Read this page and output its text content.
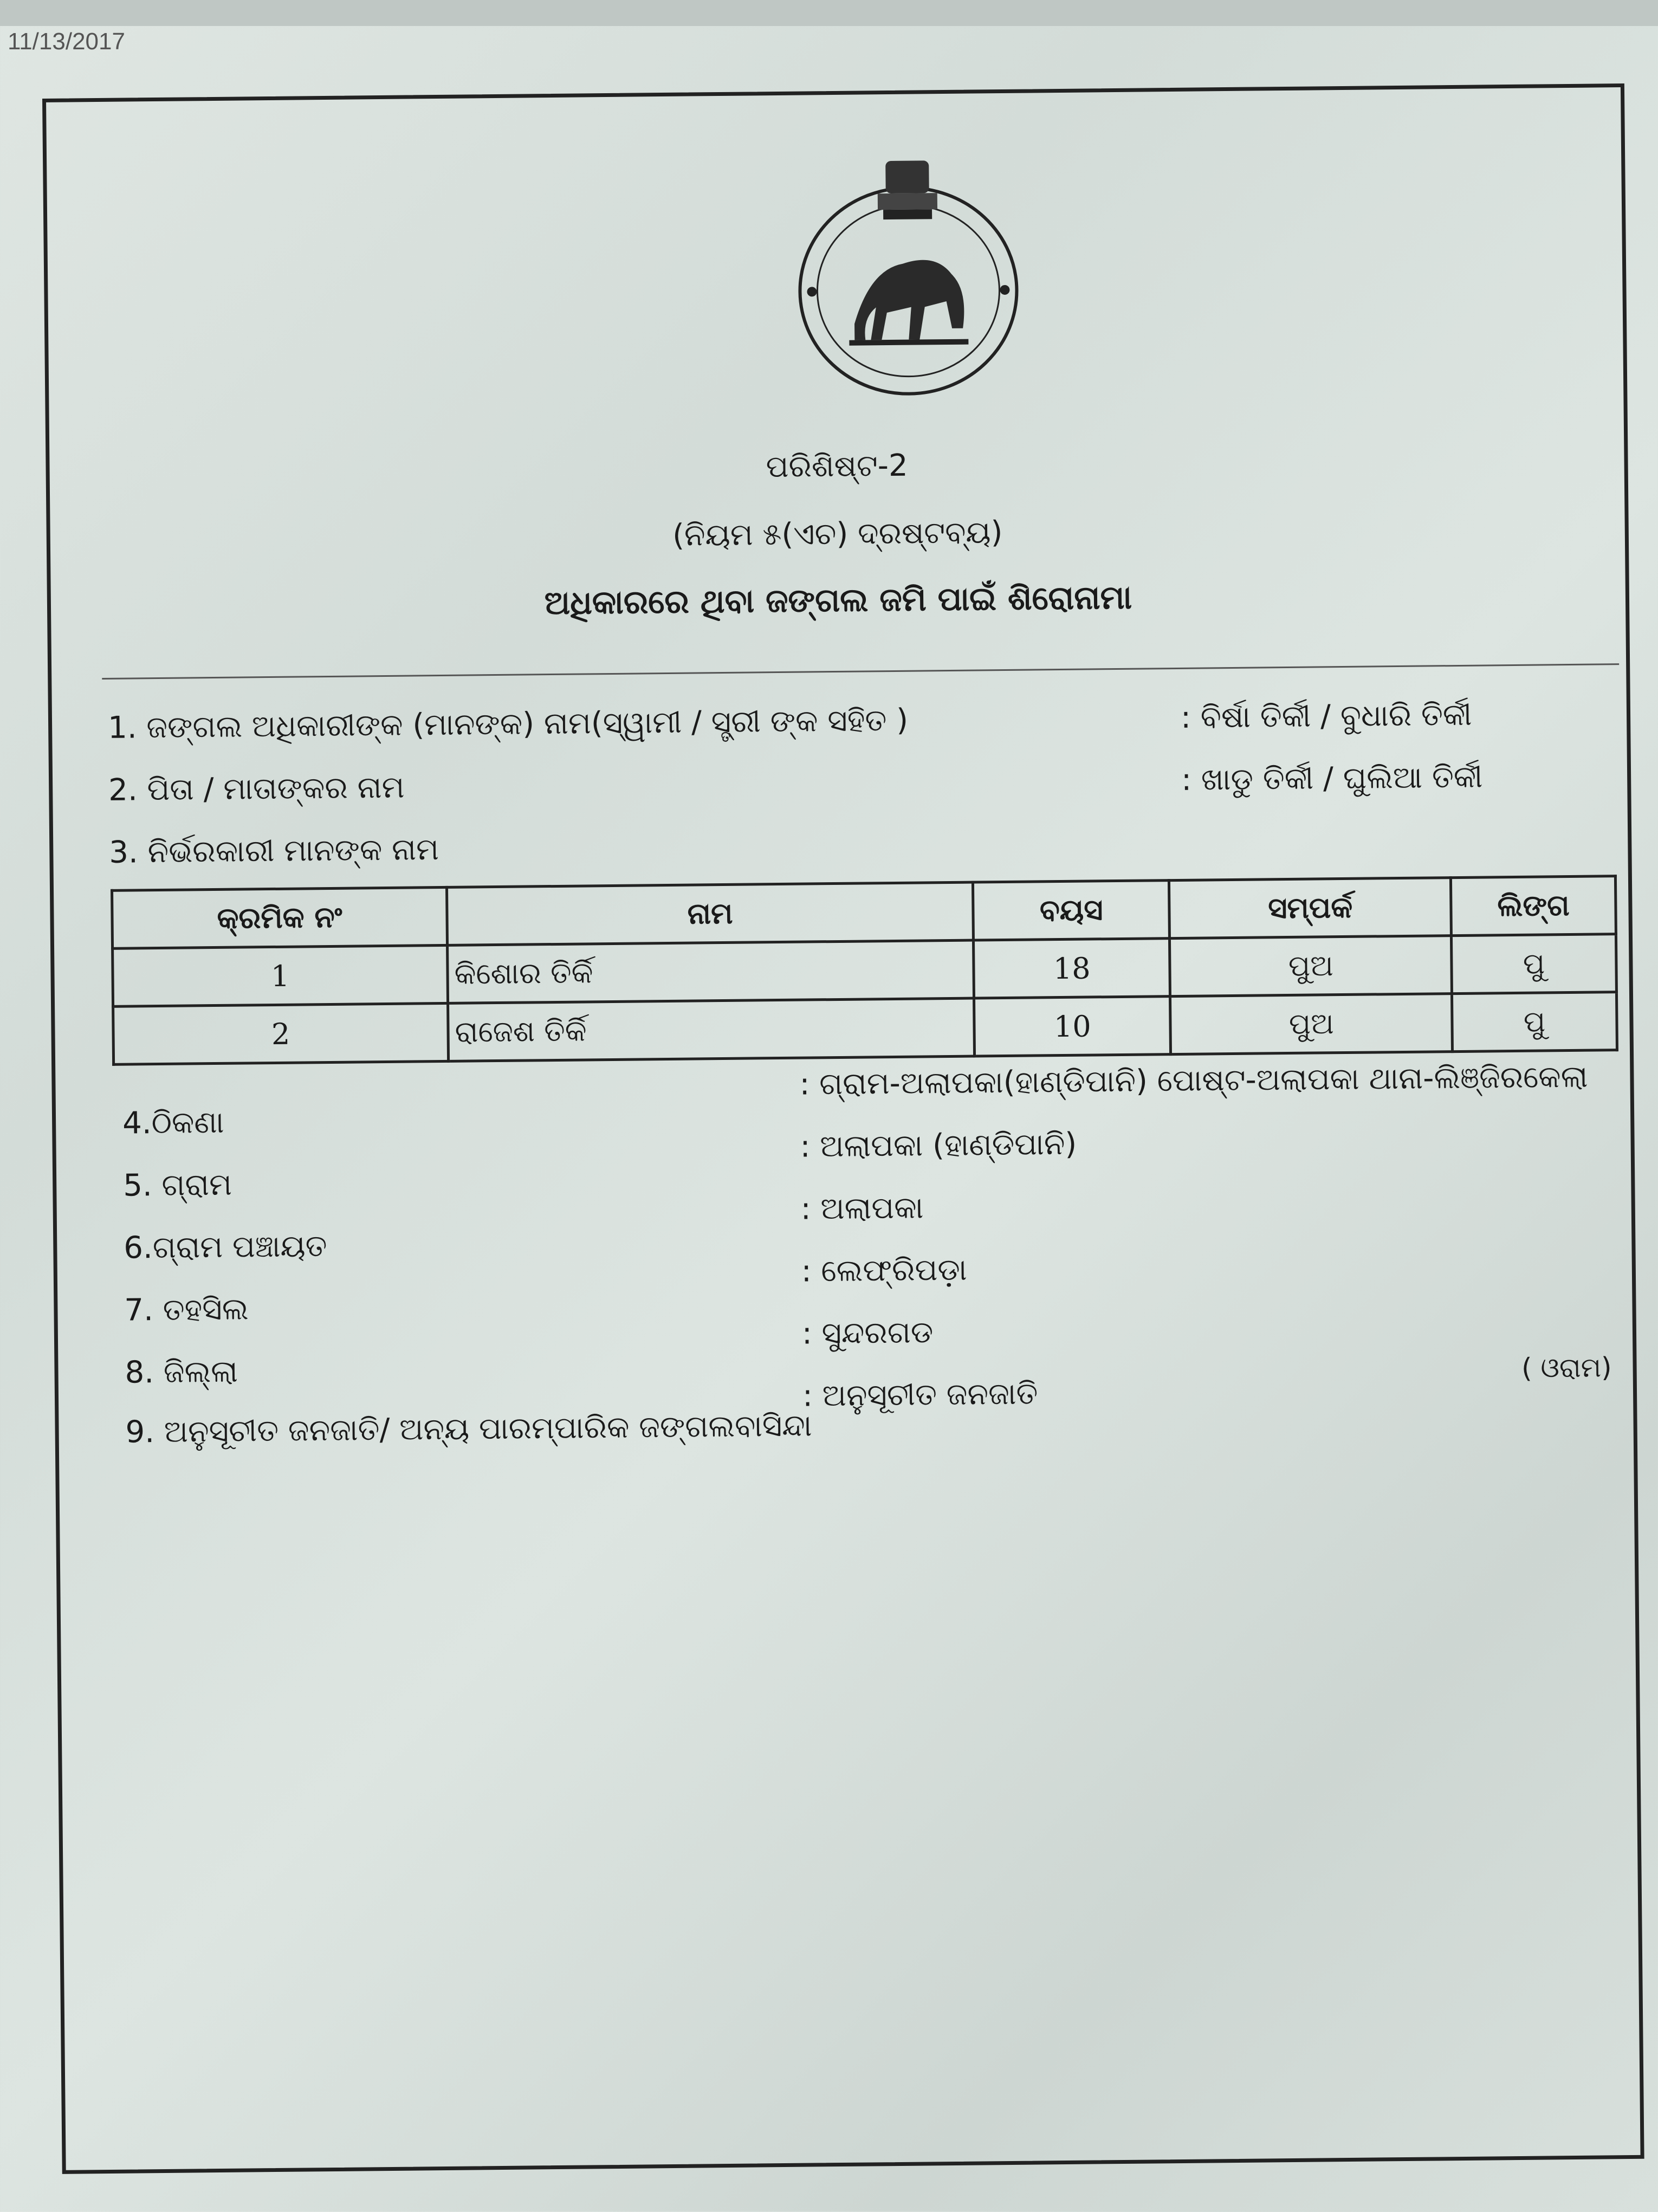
11/13/2017
ପରିଶିଷ୍ଟ-2
(ନିୟମ ୫(ଏଚ) ଦ୍ରଷ୍ଟବ୍ୟ)
ଅଧିକାରରେ ଥିବା ଜଙ୍ଗଲ ଜମି ପାଇଁ ଶିରୋନାମା
1. ଜଙ୍ଗଲ ଅଧିକାରୀଙ୍କ (ମାନଙ୍କ) ନାମ(ସ୍ୱାମୀ / ସ୍ତ୍ରୀ ଙ୍କ ସହିତ )	: ବିର୍ଷା ତିର୍କୀ / ବୁଧାରି ତିର୍କୀ
2. ପିତା / ମାତାଙ୍କର ନାମ	: ଖାଡୁ ତିର୍କୀ / ଘୁଲିଆ ତିର୍କୀ
3. ନିର୍ଭରକାରୀ ମାନଙ୍କ ନାମ
କ୍ରମିକ ନଂ	ନାମ	ବୟସ	ସମ୍ପର୍କ	ଲିଙ୍ଗ
1	କିଶୋର ତିର୍କି	18	ପୁଅ	ପୁ
2	ରାଜେଶ ତିର୍କି	10	ପୁଅ	ପୁ
4.ଠିକଣା
: ଗ୍ରାମ-ଅଲାପକା(ହାଣ୍ଡିପାନି) ପୋଷ୍ଟ-ଅଲାପକା ଥାନା-ଲିଞ୍ଜିରକେଲା
5. ଗ୍ରାମ
: ଅଲାପକା (ହାଣ୍ଡିପାନି)
6.ଗ୍ରାମ ପଞ୍ଚାୟତ
: ଅଲାପକା
7. ତହସିଲ
: ଲେଫ୍ରିପଡ଼ା
8. ଜିଲ୍ଲା
: ସୁନ୍ଦରଗଡ
9. ଅନୁସୂଚୀତ ଜନଜାତି/ ଅନ୍ୟ ପାରମ୍ପାରିକ ଜଙ୍ଗଲବାସିନ୍ଦା
: ଅନୁସୂଚୀତ ଜନଜାତି
( ଓରାମ)
